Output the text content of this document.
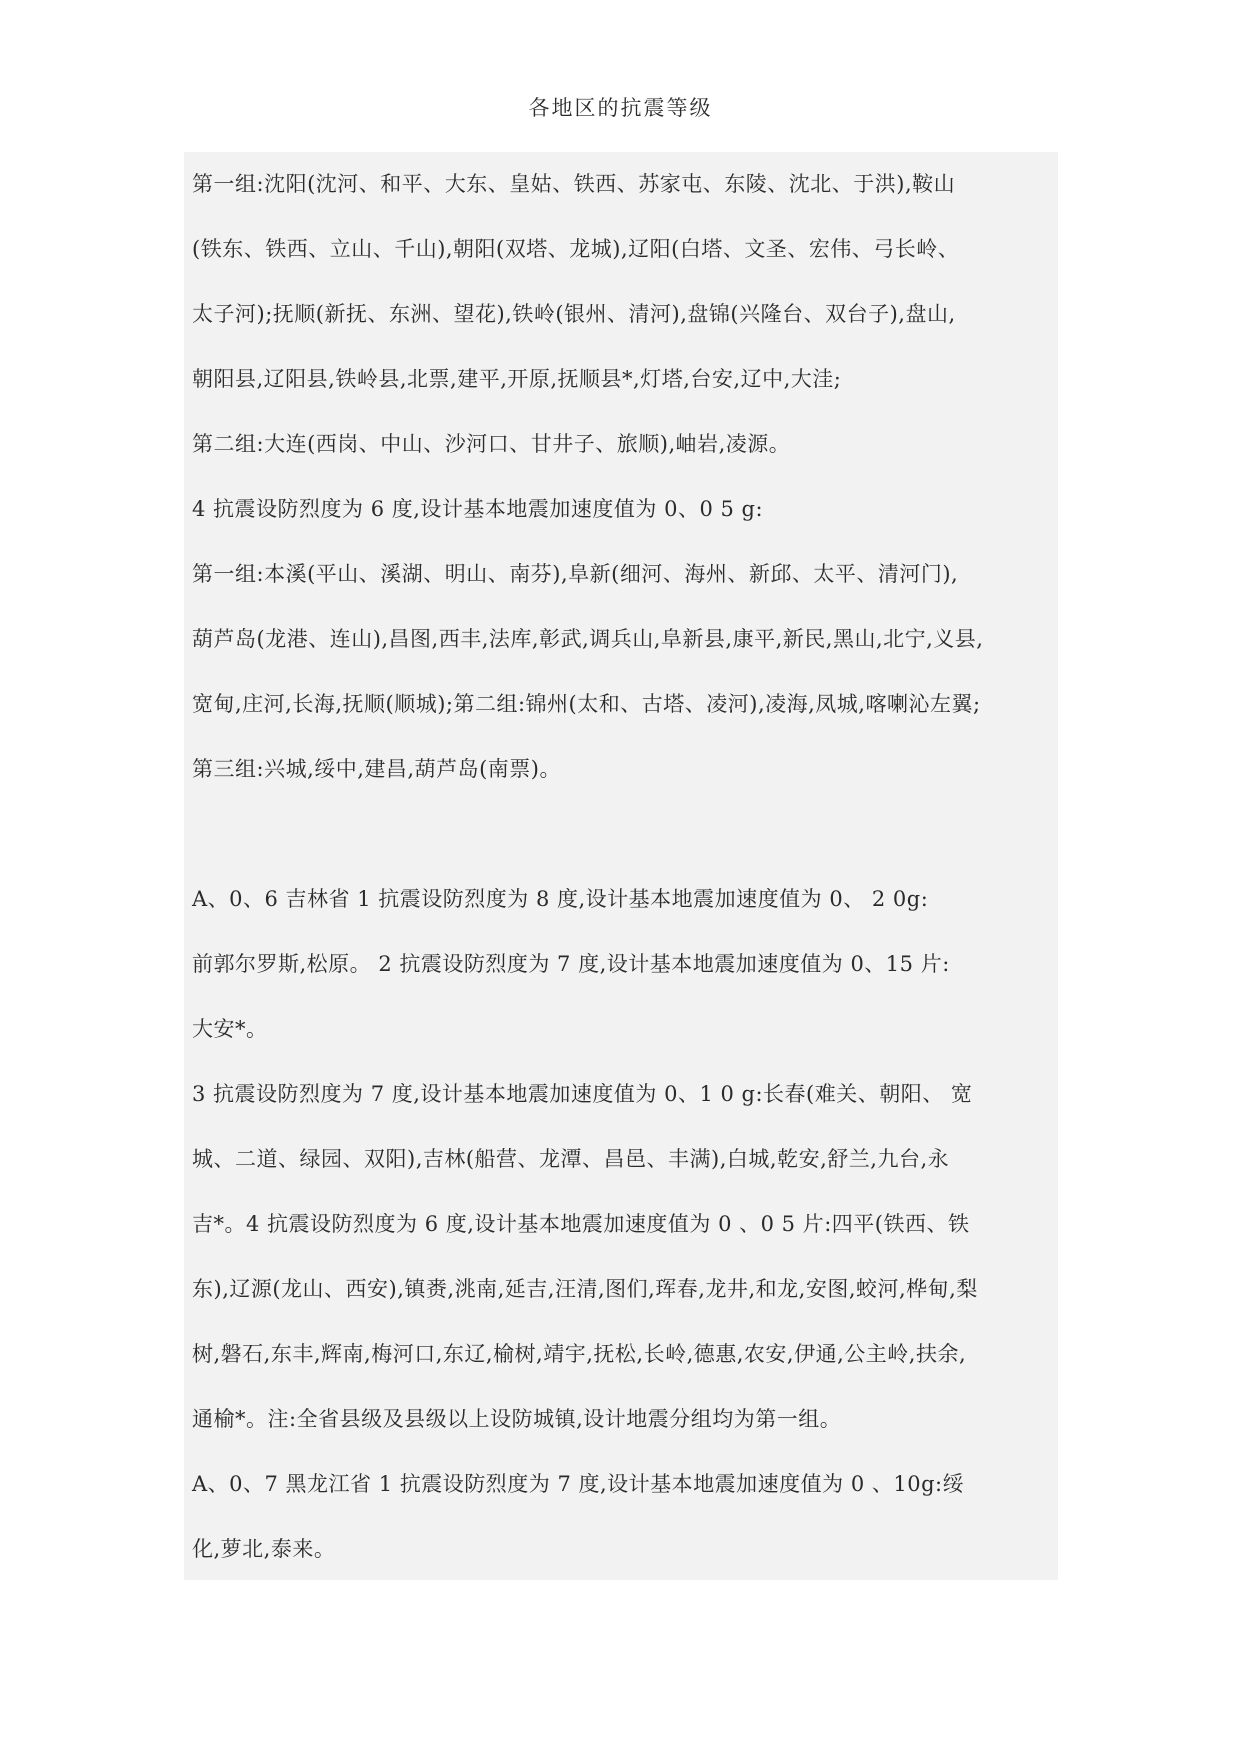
各地区的抗震等级

第一组:沈阳(沈河、和平、大东、皇姑、铁西、苏家屯、东陵、沈北、于洪),鞍山

(铁东、铁西、立山、千山),朝阳(双塔、龙城),辽阳(白塔、文圣、宏伟、弓长岭、

太子河);抚顺(新抚、东洲、望花),铁岭(银州、清河),盘锦(兴隆台、双台子),盘山,

朝阳县,辽阳县,铁岭县,北票,建平,开原,抚顺县*,灯塔,台安,辽中,大洼;

第二组:大连(西岗、中山、沙河口、甘井子、旅顺),岫岩,凌源。

4 抗震设防烈度为 6 度,设计基本地震加速度值为 0、0 5 g:

第一组:本溪(平山、溪湖、明山、南芬),阜新(细河、海州、新邱、太平、清河门),

葫芦岛(龙港、连山),昌图,西丰,法库,彰武,调兵山,阜新县,康平,新民,黑山,北宁,义县,

宽甸,庄河,长海,抚顺(顺城);第二组:锦州(太和、古塔、凌河),凌海,凤城,喀喇沁左翼;

第三组:兴城,绥中,建昌,葫芦岛(南票)。

A、0、6 吉林省 1 抗震设防烈度为 8 度,设计基本地震加速度值为 0、 2 0g:

前郭尔罗斯,松原。 2 抗震设防烈度为 7 度,设计基本地震加速度值为 0、15 片:

大安*。

3 抗震设防烈度为 7 度,设计基本地震加速度值为 0、1 0 g:长春(难关、朝阳、 宽

城、二道、绿园、双阳),吉林(船营、龙潭、昌邑、丰满),白城,乾安,舒兰,九台,永

吉*。4 抗震设防烈度为 6 度,设计基本地震加速度值为 0 、0 5 片:四平(铁西、铁

东),辽源(龙山、西安),镇赉,洮南,延吉,汪清,图们,珲春,龙井,和龙,安图,蛟河,桦甸,梨

树,磐石,东丰,辉南,梅河口,东辽,榆树,靖宇,抚松,长岭,德惠,农安,伊通,公主岭,扶余,

通榆*。注:全省县级及县级以上设防城镇,设计地震分组均为第一组。

A、0、7 黑龙江省 1 抗震设防烈度为 7 度,设计基本地震加速度值为 0 、10g:绥

化,萝北,泰来。
